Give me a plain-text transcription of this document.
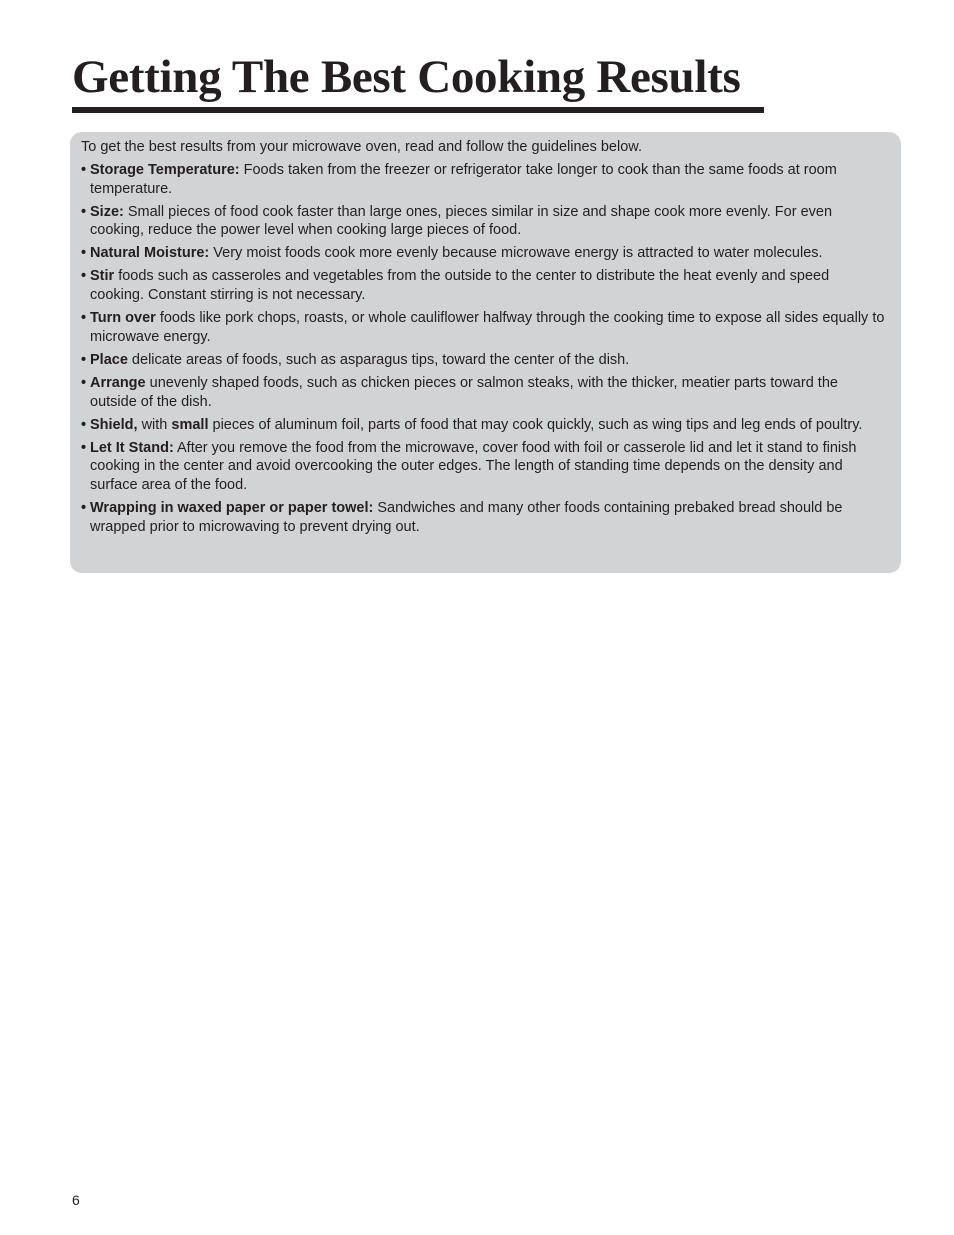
Getting The Best Cooking Results

To get the best results from your microwave oven, read and follow the guidelines below.

• Storage Temperature: Foods taken from the freezer or refrigerator take longer to cook than the same foods at room temperature.
• Size: Small pieces of food cook faster than large ones, pieces similar in size and shape cook more evenly. For even cooking, reduce the power level when cooking large pieces of food.
• Natural Moisture: Very moist foods cook more evenly because microwave energy is attracted to water molecules.
• Stir foods such as casseroles and vegetables from the outside to the center to distribute the heat evenly and speed cooking. Constant stirring is not necessary.
• Turn over foods like pork chops, roasts, or whole cauliflower halfway through the cooking time to expose all sides equally to microwave energy.
• Place delicate areas of foods, such as asparagus tips, toward the center of the dish.
• Arrange unevenly shaped foods, such as chicken pieces or salmon steaks, with the thicker, meatier parts toward the outside of the dish.
• Shield, with small pieces of aluminum foil, parts of food that may cook quickly, such as wing tips and leg ends of poultry.
• Let It Stand: After you remove the food from the microwave, cover food with foil or casserole lid and let it stand to finish cooking in the center and avoid overcooking the outer edges. The length of standing time depends on the density and surface area of the food.
• Wrapping in waxed paper or paper towel: Sandwiches and many other foods containing prebaked bread should be wrapped prior to microwaving to prevent drying out.
6
